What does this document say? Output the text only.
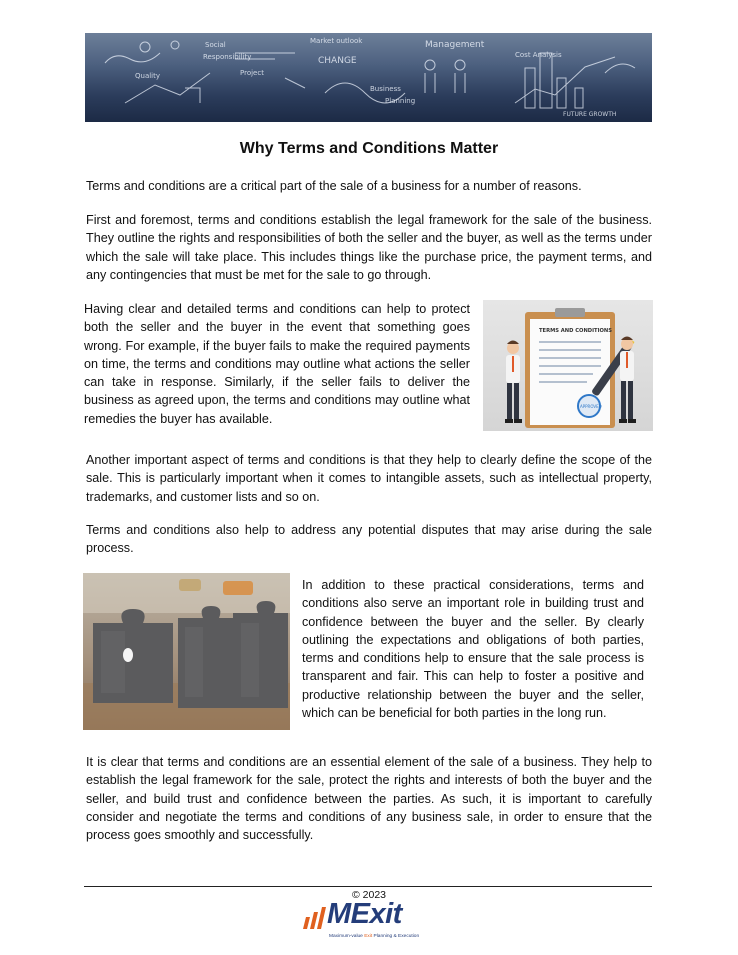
Social
Responsibility
Market outlook	Management
CHANGE
Project
Business
Cost Analysis
FUTURE GROWTH
Quality
Planning
Why Terms and Conditions Matter

Terms and conditions are a critical part of the sale of a business for a number of reasons.

First and foremost, terms and conditions establish the legal framework for the sale of the business. They outline the rights and responsibilities of both the seller and the buyer, as well as the terms under which the sale will take place. This includes things like the purchase price, the payment terms, and any contingencies that must be met for the sale to go through.

Having clear and detailed terms and conditions can help to protect both the seller and the buyer in the event that something goes wrong. For example, if the buyer fails to make the required payments on time, the terms and conditions may outline what actions the seller can take in response. Similarly, if the seller fails to deliver the business as agreed upon, the terms and conditions may outline what remedies the buyer has available.

TERMS AND CONDITIONS
APPROVED

Another important aspect of terms and conditions is that they help to clearly define the scope of the sale. This is particularly important when it comes to intangible assets, such as intellectual property, trademarks, and customer lists and so on.

Terms and conditions also help to address any potential disputes that may arise during the sale process.

In addition to these practical considerations, terms and conditions also serve an important role in building trust and confidence between the buyer and the seller. By clearly outlining the expectations and obligations of both parties, terms and conditions help to ensure that the sale process is transparent and fair. This can help to foster a positive and productive relationship between the buyer and the seller, which can be beneficial for both parties in the long run.

It is clear that terms and conditions are an essential element of the sale of a business. They help to establish the legal framework for the sale, protect the rights and interests of both the buyer and the seller, and build trust and confidence between the parties. As such, it is important to carefully consider and negotiate the terms and conditions of any business sale, in order to ensure that the process goes smoothly and successfully.

© 2023
MExit
Maximum-value Exit Planning & Execution
